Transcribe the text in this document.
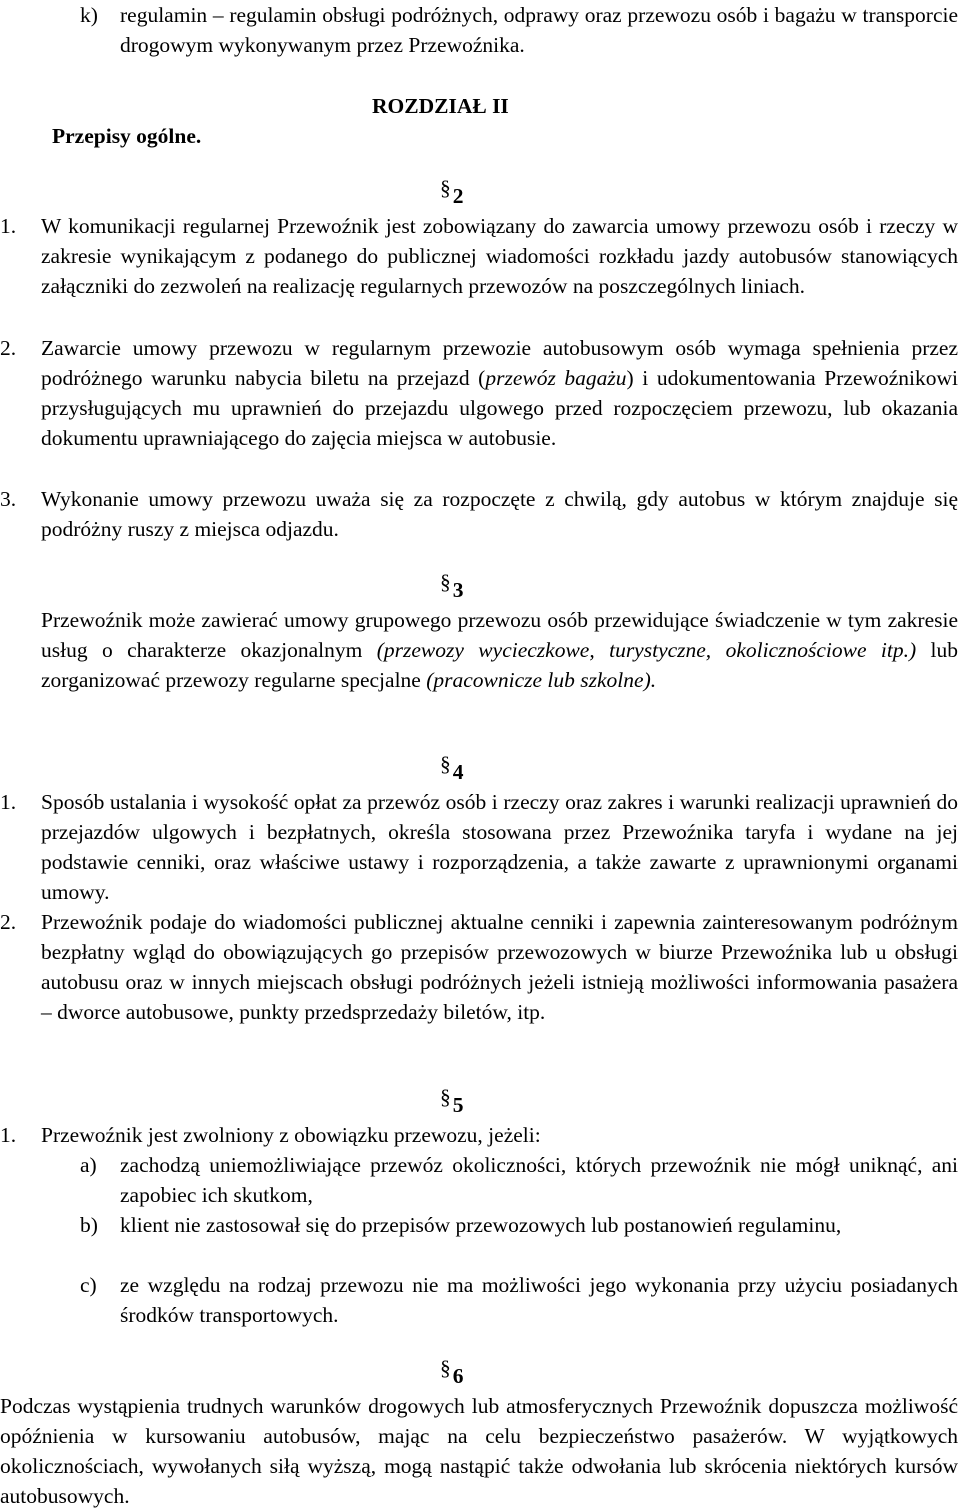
k) regulamin – regulamin obsługi podróżnych, odprawy oraz przewozu osób i bagażu w transporcie drogowym wykonywanym przez Przewoźnika.
ROZDZIAŁ II
Przepisy ogólne.
§2
1. W komunikacji regularnej Przewoźnik jest zobowiązany do zawarcia umowy przewozu osób i rzeczy w zakresie wynikającym z podanego do publicznej wiadomości rozkładu jazdy autobusów stanowiących załączniki do zezwoleń na realizację regularnych przewozów na poszczególnych liniach.
2. Zawarcie umowy przewozu w regularnym przewozie autobusowym osób wymaga spełnienia przez podróżnego warunku nabycia biletu na przejazd (przewóz bagażu) i udokumentowania Przewoźnikowi przysługujących mu uprawnień do przejazdu ulgowego przed rozpoczęciem przewozu, lub okazania dokumentu uprawniającego do zajęcia miejsca w autobusie.
3. Wykonanie umowy przewozu uważa się za rozpoczęte z chwilą, gdy autobus w którym znajduje się podróżny ruszy z miejsca odjazdu.
§3
Przewoźnik może zawierać umowy grupowego przewozu osób przewidujące świadczenie w tym zakresie usług o charakterze okazjonalnym (przewozy wycieczkowe, turystyczne, okolicznościowe itp.) lub zorganizować przewozy regularne specjalne (pracownicze lub szkolne).
§4
1. Sposób ustalania i wysokość opłat za przewóz osób i rzeczy oraz zakres i warunki realizacji uprawnień do przejazdów ulgowych i bezpłatnych, określa stosowana przez Przewoźnika taryfa i wydane na jej podstawie cenniki, oraz właściwe ustawy i rozporządzenia, a także zawarte z uprawnionymi organami umowy.
2. Przewoźnik podaje do wiadomości publicznej aktualne cenniki i zapewnia zainteresowanym podróżnym bezpłatny wgląd do obowiązujących go przepisów przewozowych w biurze Przewoźnika lub u obsługi autobusu oraz w innych miejscach obsługi podróżnych jeżeli istnieją możliwości informowania pasażera – dworce autobusowe, punkty przedsprzedaży biletów, itp.
§5
1. Przewoźnik jest zwolniony z obowiązku przewozu, jeżeli:
a) zachodzą uniemożliwiające przewóz okoliczności, których przewoźnik nie mógł uniknąć, ani zapobiec ich skutkom,
b) klient nie zastosował się do przepisów przewozowych lub postanowień regulaminu,
c) ze względu na rodzaj przewozu nie ma możliwości jego wykonania przy użyciu posiadanych środków transportowych.
§6
Podczas wystąpienia trudnych warunków drogowych lub atmosferycznych Przewoźnik dopuszcza możliwość opóźnienia w kursowaniu autobusów, mając na celu bezpieczeństwo pasażerów. W wyjątkowych okolicznościach, wywołanych siłą wyższą, mogą nastąpić także odwołania lub skrócenia niektórych kursów autobusowych.
